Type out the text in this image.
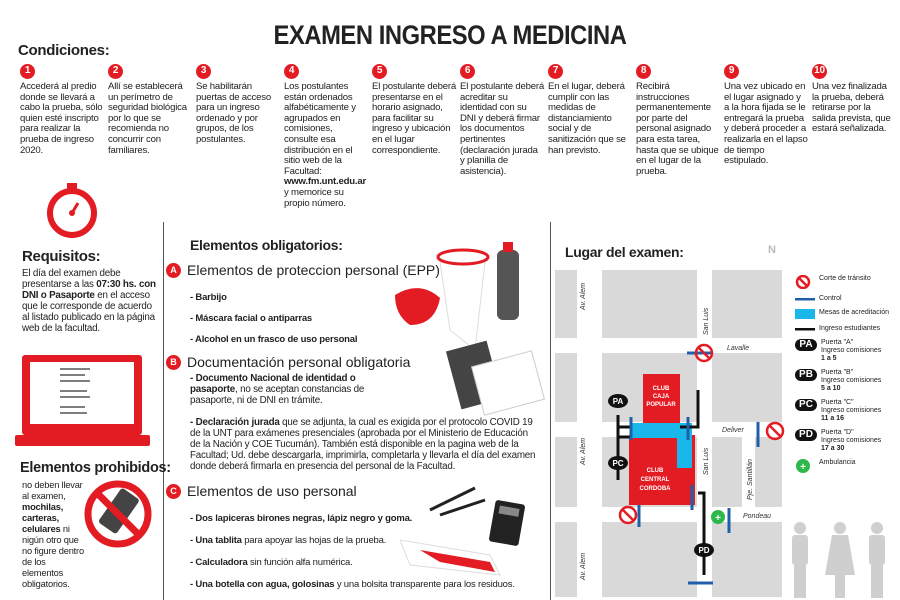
EXAMEN INGRESO A MEDICINA
Condiciones:
1
Accederá al predio donde se llevará a cabo la prueba, sólo quien esté inscripto para realizar la prueba de ingreso 2020.
2
Allí se establecerá un perímetro de seguridad biológica por lo que se recomienda no concurrir con familiares.
3
Se habilitarán puertas de acceso para un ingreso ordenado y por grupos, de los postulantes.
4
Los postulantes están ordenados alfabéticamente y agrupados en comisiones, consulte esa distribución en el sitio web de la Facultad: www.fm.unt.edu.ar y memorice su propio número.
5
El postulante deberá presentarse en el horario asignado, para facilitar su ingreso y ubicación en el lugar correspondiente.
6
El postulante deberá acreditar su identidad con su DNI y deberá firmar los documentos pertinentes (declaración jurada y planilla de asistencia).
7
En el lugar, deberá cumplir con las medidas de distanciamiento social y de sanitización que se han previsto.
8
Recibirá instrucciones permanentemente por parte del personal asignado para esta tarea, hasta que se ubique en el lugar de la prueba.
9
Una vez ubicado en el lugar asignado y a la hora fijada se le entregará la prueba y deberá proceder a realizarla en el lapso de tiempo estipulado.
10
Una vez finalizada la prueba, deberá retirarse por la salida prevista, que estará señalizada.
Requisitos:
El día del examen debe presentarse a las 07:30 hs. con DNI o Pasaporte en el acceso que le corresponde de acuerdo al listado publicado en la página web de la facultad.
Elementos prohibidos:
no deben llevar al examen, mochilas, carteras, celulares ni nigún otro que no figure dentro de los elementos obligatorios.
Elementos obligatorios:
A Elementos de proteccion personal (EPP)
- Barbijo
- Máscara facial o antiparras
- Alcohol en un frasco de uso personal
B Documentación personal obligatoria
- Documento Nacional de identidad o pasaporte, no se aceptan constancias de pasaporte, ni de DNI en trámite.
- Declaración jurada que se adjunta, la cual es exigida por el protocolo COVID 19 de la UNT para exámenes presenciales (aprobada por el Ministerio de Educación de la Nación y COE Tucumán). También está disponible en la pagina web de la Facultad; Ud. debe descargarla, imprimirla, completarla y llevarla el día del examen donde deberá firmarla en presencia del personal de la Facultad.
C Elementos de uso personal
- Dos lapiceras birones negras, lápiz negro y goma.
- Una tablita para apoyar las hojas de la prueba.
- Calculadora sin función alfa numérica.
- Una botella con agua, golosinas y una bolsita transparente para los residuos.
Lugar del examen:	N
Av. Alem
Av. Alem
Av. Alem
San Luis
San Luis
Lavalle
Deliver
Pje. Santillán
Pondeau
CLUB
CAJA
POPULAR
CLUB
CENTRAL
CORDOBA
PA
PC
PD
+
Corte de tránsito
Control
Mesas de acreditación
Ingreso estudiantes
PA	Puerta "A"
Ingreso comisiones
1 a 5
PB	Puerta "B"
Ingreso comisiones
5 a 10
PC	Puerta "C"
Ingreso comisiones
11 a 16
PD	Puerta "D"
Ingreso comisiones
17 a 30
+ Ambulancia
